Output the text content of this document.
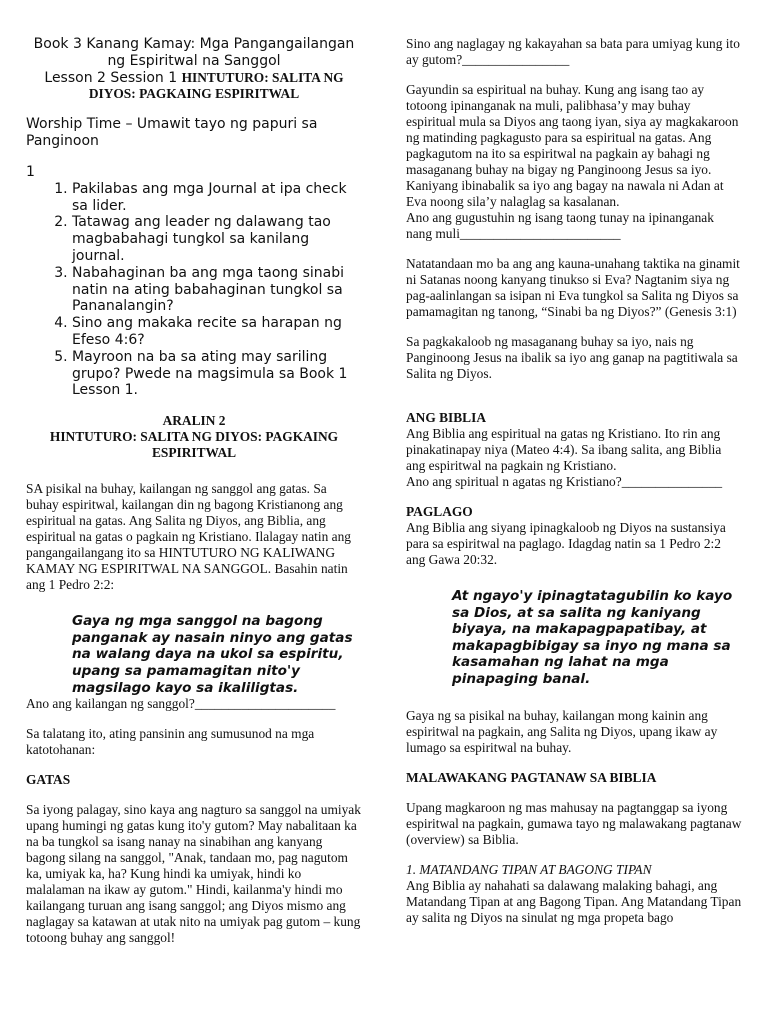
Book 3 Kanang Kamay: Mga Pangangailangan

ng Espiritwal na Sanggol

Lesson 2 Session 1 HINTUTURO: SALITA NG

DIYOS: PAGKAING ESPIRITWAL

Worship Time – Umawit tayo ng papuri sa Panginoon

1

1. Pakilabas ang mga Journal at ipa check sa lider.
2. Tatawag ang leader ng dalawang tao magbabahagi tungkol sa kanilang journal.
3. Nabahaginan ba ang mga taong sinabi natin na ating babahaginan tungkol sa Pananalangin?
4. Sino ang makaka recite sa harapan ng Efeso 4:6?
5. Mayroon na ba sa ating may sariling grupo? Pwede na magsimula sa Book 1 Lesson 1.

ARALIN 2

HINTUTURO: SALITA NG DIYOS: PAGKAING ESPIRITWAL

SA pisikal na buhay, kailangan ng sanggol ang gatas. Sa buhay espiritwal, kailangan din ng bagong Kristianong ang espiritual na gatas. Ang Salita ng Diyos, ang Biblia, ang espiritual na gatas o pagkain ng Kristiano. Ilalagay natin ang pangangailangang ito sa HINTUTURO NG KALIWANG KAMAY NG ESPIRITWAL NA SANGGOL. Basahin natin ang 1 Pedro 2:2:

Gaya ng mga sanggol na bagong panganak ay nasain ninyo ang gatas na walang daya na ukol sa espiritu, upang sa pamamagitan nito'y magsilago kayo sa ikaliligtas.

Ano ang kailangan ng sanggol?_____________________

Sa talatang ito, ating pansinin ang sumusunod na mga katotohanan:

GATAS

Sa iyong palagay, sino kaya ang nagturo sa sanggol na umiyak upang humingi ng gatas kung ito'y gutom? May nabalitaan ka na ba tungkol sa isang nanay na sinabihan ang kanyang bagong silang na sanggol, "Anak, tandaan mo, pag nagutom ka, umiyak ka, ha? Kung hindi ka umiyak, hindi ko malalaman na ikaw ay gutom." Hindi, kailanma'y hindi mo kailangang turuan ang isang sanggol; ang Diyos mismo ang naglagay sa katawan at utak nito na umiyak pag gutom – kung totoong buhay ang sanggol!

Sino ang naglagay ng kakayahan sa bata para umiyag kung ito ay gutom?________________

Gayundin sa espiritual na buhay. Kung ang isang tao ay totoong ipinanganak na muli, palibhasa’y may buhay espiritual mula sa Diyos ang taong iyan, siya ay magkakaroon ng matinding pagkagusto para sa espiritual na gatas. Ang pagkagutom na ito sa espiritwal na pagkain ay bahagi ng masaganang buhay na bigay ng Panginoong Jesus sa iyo. Kaniyang ibinabalik sa iyo ang bagay na nawala ni Adan at Eva noong sila’y nalaglag sa kasalanan.

Ano ang gugustuhin ng isang taong tunay na ipinanganak nang muli________________________

Natatandaan mo ba ang ang kauna-unahang taktika na ginamit ni Satanas noong kanyang tinukso si Eva? Nagtanim siya ng pag-aalinlangan sa isipan ni Eva tungkol sa Salita ng Diyos sa pamamagitan ng tanong, “Sinabi ba ng Diyos?” (Genesis 3:1)

Sa pagkakaloob ng masaganang buhay sa iyo, nais ng Panginoong Jesus na ibalik sa iyo ang ganap na pagtitiwala sa Salita ng Diyos.

ANG BIBLIA

Ang Biblia ang espiritual na gatas ng Kristiano. Ito rin ang pinakatinapay niya (Mateo 4:4). Sa ibang salita, ang Biblia ang espiritwal na pagkain ng Kristiano.

Ano ang spiritual n agatas ng Kristiano?_______________

PAGLAGO

Ang Biblia ang siyang ipinagkaloob ng Diyos na sustansiya para sa espiritwal na paglago. Idagdag natin sa 1 Pedro 2:2 ang Gawa 20:32.

At ngayo'y ipinagtatagubilin ko kayo sa Dios, at sa salita ng kaniyang biyaya, na makapagpapatibay, at makapagbibigay sa inyo ng mana sa kasamahan ng lahat na mga pinapaging banal.

Gaya ng sa pisikal na buhay, kailangan mong kainin ang espiritwal na pagkain, ang Salita ng Diyos, upang ikaw ay lumago sa espiritwal na buhay.

MALAWAKANG PAGTANAW SA BIBLIA

Upang magkaroon ng mas mahusay na pagtanggap sa iyong espiritwal na pagkain, gumawa tayo ng malawakang pagtanaw (overview) sa Biblia.

1. MATANDANG TIPAN AT BAGONG TIPAN

Ang Biblia ay nahahati sa dalawang malaking bahagi, ang Matandang Tipan at ang Bagong Tipan. Ang Matandang Tipan ay salita ng Diyos na sinulat ng mga propeta bago
